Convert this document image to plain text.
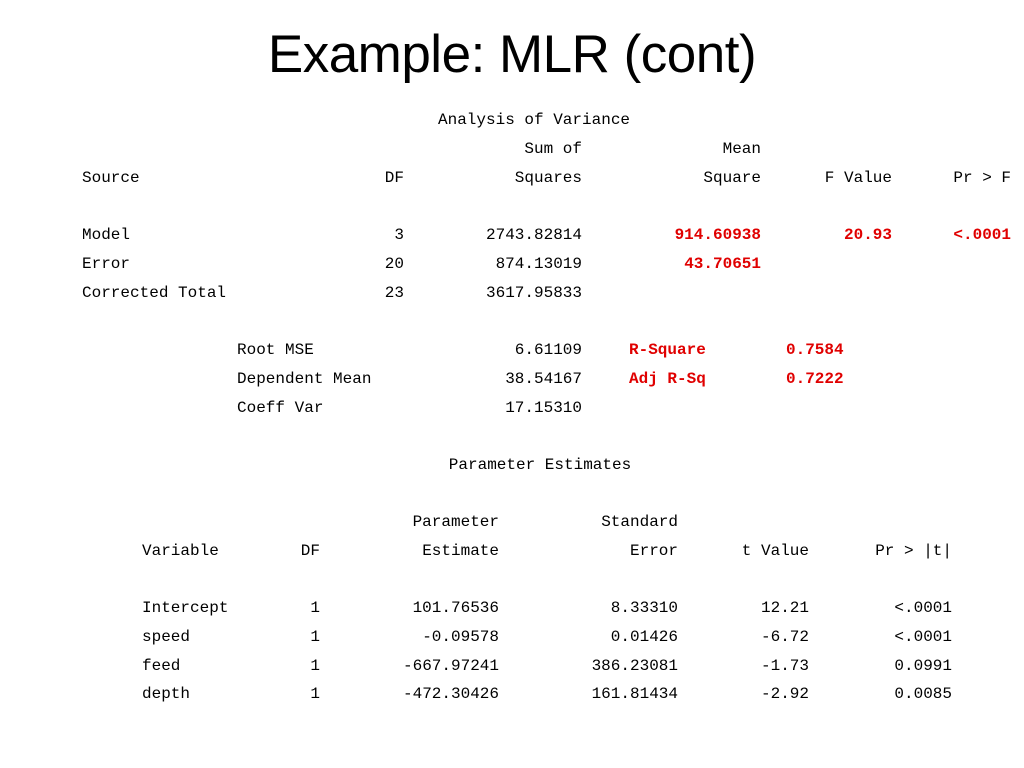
Example: MLR (cont)
Analysis of Variance
Sum of	Mean
Source	DF	Squares	Square	F Value	Pr > F
Model	3	2743.82814	914.60938	20.93	<.0001
Error	20	874.13019	43.70651
Corrected Total	23	3617.95833
Root MSE	6.61109	R-Square	0.7584
Dependent Mean	38.54167	Adj R-Sq	0.7222
Coeff Var	17.15310
Parameter Estimates
Parameter	Standard
Variable	DF	Estimate	Error	t Value	Pr > |t|
Intercept	1	101.76536	8.33310	12.21	<.0001
speed	1	-0.09578	0.01426	-6.72	<.0001
feed	1	-667.97241	386.23081	-1.73	0.0991
depth	1	-472.30426	161.81434	-2.92	0.0085
